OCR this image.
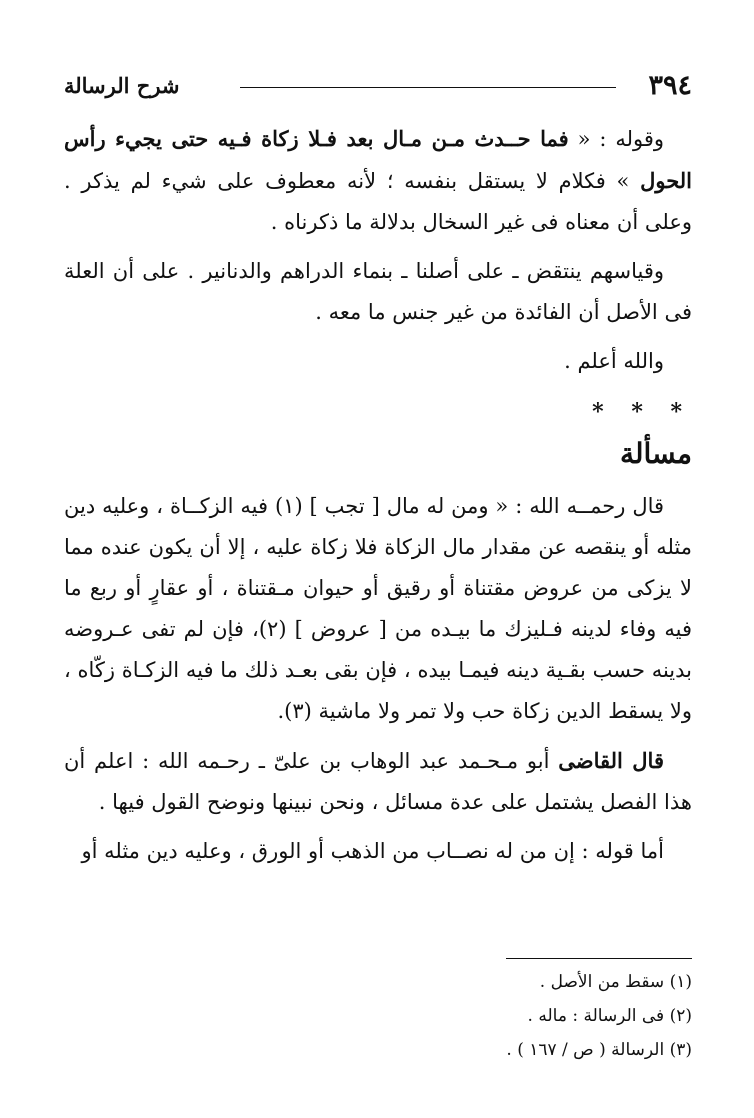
٣٩٤
شرح الرسالة

وقوله : « فما حــدث مـن مـال بعد فـلا زكاة فـيه حتى يجيء رأس الحول » فكلام لا يستقل بنفسه ؛ لأنه معطوف على شيء لم يذكر . وعلى أن معناه فى غير السخال بدلالة ما ذكرناه .

وقياسهم ينتقض ـ على أصلنا ـ بنماء الدراهم والدنانير . على أن العلة فى الأصل أن الفائدة من غير جنس ما معه .

والله أعلم .

* * *
مسألة

قال رحمــه الله : « ومن له مال [ تجب ] (١) فيه الزكــاة ، وعليه دين مثله أو ينقصه عن مقدار مال الزكاة فلا زكاة عليه ، إلا أن يكون عنده مما لا يزكى من عروض مقتناة أو رقيق أو حيوان مـقتناة ، أو عقارٍ أو ربع ما فيه وفاء لدينه فـليزك ما بيـده من [ عروض ] (٢)، فإن لم تفى عـروضه بدينه حسب بقـية دينه فيمـا بيده ، فإن بقى بعـد ذلك ما فيه الزكـاة زكّاه ، ولا يسقط الدين زكاة حب ولا تمر ولا ماشية (٣).

قال القاضى أبو مـحـمد عبد الوهاب بن علىّ ـ رحـمه الله : اعلم أن هذا الفصل يشتمل على عدة مسائل ، ونحن نبينها ونوضح القول فيها .

أما قوله : إن من له نصــاب من الذهب أو الورق ، وعليه دين مثله أو

(١) سقط من الأصل .

(٢) فى الرسالة : ماله .

(٣) الرسالة ( ص / ١٦٧ ) .
